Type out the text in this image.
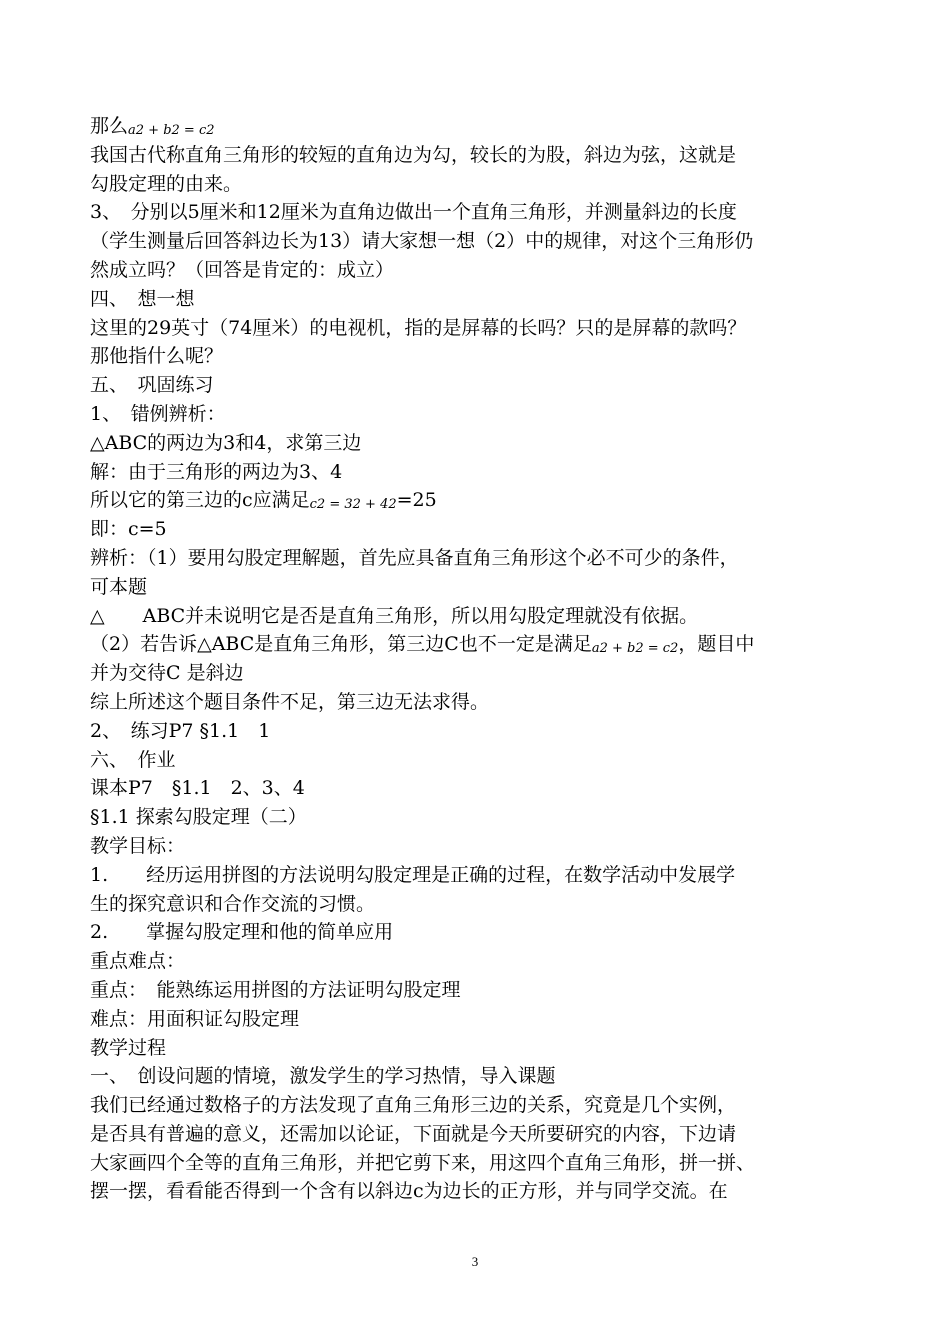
那么a2 + b2 = c2
我国古代称直角三角形的较短的直角边为勾，较长的为股，斜边为弦，这就是
勾股定理的由来。
3、　分别以5厘米和12厘米为直角边做出一个直角三角形，并测量斜边的长度
（学生测量后回答斜边长为13）请大家想一想（2）中的规律，对这个三角形仍
然成立吗？（回答是肯定的：成立）
四、　想一想
这里的29英寸（74厘米）的电视机，指的是屏幕的长吗？只的是屏幕的款吗？
那他指什么呢？
五、　巩固练习
1、　错例辨析：
△ABC的两边为3和4，求第三边
解：由于三角形的两边为3、4
所以它的第三边的c应满足c2 = 32 + 42=25
即：c=5
辨析：（1）要用勾股定理解题，首先应具备直角三角形这个必不可少的条件，
可本题
△　　ABC并未说明它是否是直角三角形，所以用勾股定理就没有依据。
（2）若告诉△ABC是直角三角形，第三边C也不一定是满足a2 + b2 = c2，题目中
并为交待C 是斜边
综上所述这个题目条件不足，第三边无法求得。
2、　练习P7 §1.1　1
六、　作业
课本P7　§1.1　2、3、4
§1.1 探索勾股定理（二）
教学目标：
1.　　经历运用拼图的方法说明勾股定理是正确的过程，在数学活动中发展学
生的探究意识和合作交流的习惯。
2.　　掌握勾股定理和他的简单应用
重点难点：
重点：　能熟练运用拼图的方法证明勾股定理
难点：用面积证勾股定理
教学过程
一、　创设问题的情境，激发学生的学习热情，导入课题
我们已经通过数格子的方法发现了直角三角形三边的关系，究竟是几个实例，
是否具有普遍的意义，还需加以论证，下面就是今天所要研究的内容，下边请
大家画四个全等的直角三角形，并把它剪下来，用这四个直角三角形，拼一拼、
摆一摆，看看能否得到一个含有以斜边c为边长的正方形，并与同学交流。在
3
